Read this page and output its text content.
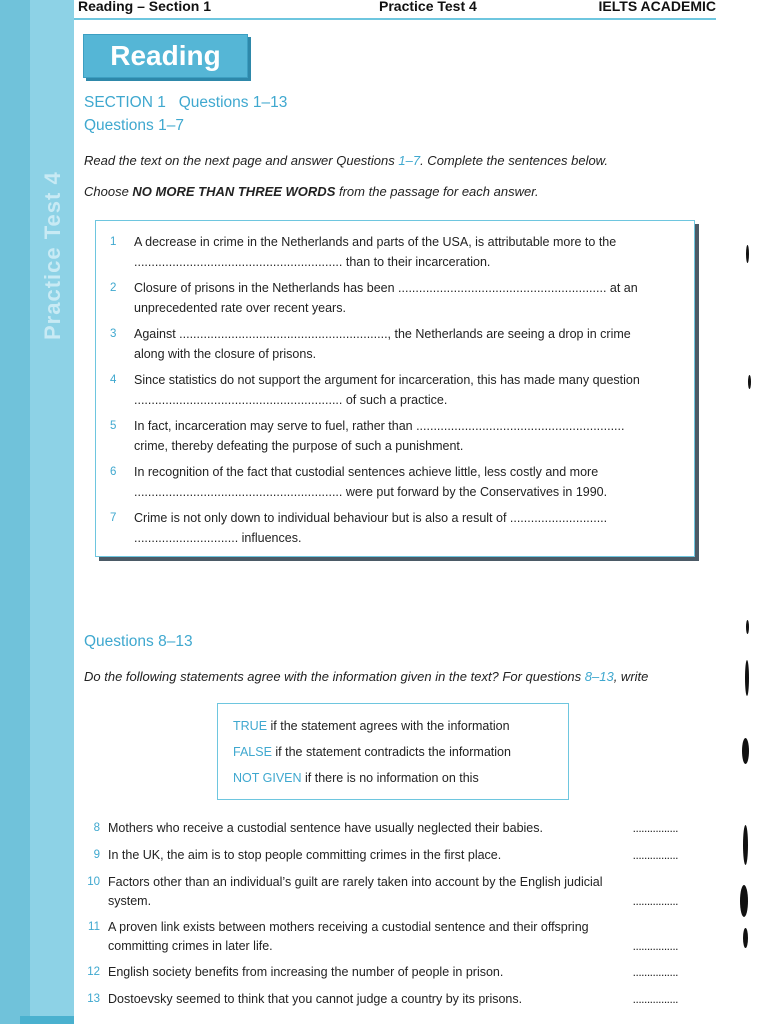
Practice Test 4
Reading – Section 1	Practice Test 4	IELTS ACADEMIC
Reading
SECTION 1   Questions 1–13
Questions 1–7
Read the text on the next page and answer Questions 1–7. Complete the sentences below.
Choose NO MORE THAN THREE WORDS from the passage for each answer.
1 A decrease in crime in the Netherlands and parts of the USA, is attributable more to the
............................................................ than to their incarceration.
2 Closure of prisons in the Netherlands has been ............................................................ at an
unprecedented rate over recent years.
3 Against ............................................................, the Netherlands are seeing a drop in crime
along with the closure of prisons.
4 Since statistics do not support the argument for incarceration, this has made many question
............................................................ of such a practice.
5 In fact, incarceration may serve to fuel, rather than ............................................................
crime, thereby defeating the purpose of such a punishment.
6 In recognition of the fact that custodial sentences achieve little, less costly and more
............................................................ were put forward by the Conservatives in 1990.
7 Crime is not only down to individual behaviour but is also a result of ............................
.............................. influences.
Questions 8–13
Do the following statements agree with the information given in the text? For questions 8–13, write
TRUE if the statement agrees with the information
FALSE if the statement contradicts the information
NOT GIVEN if there is no information on this
8 Mothers who receive a custodial sentence have usually neglected their babies.	................
9 In the UK, the aim is to stop people committing crimes in the first place.	................
10 Factors other than an individual’s guilt are rarely taken into account by the English judicial system.	................
11 A proven link exists between mothers receiving a custodial sentence and their offspring committing crimes in later life.	................
12 English society benefits from increasing the number of people in prison.	................
13 Dostoevsky seemed to think that you cannot judge a country by its prisons.	................
